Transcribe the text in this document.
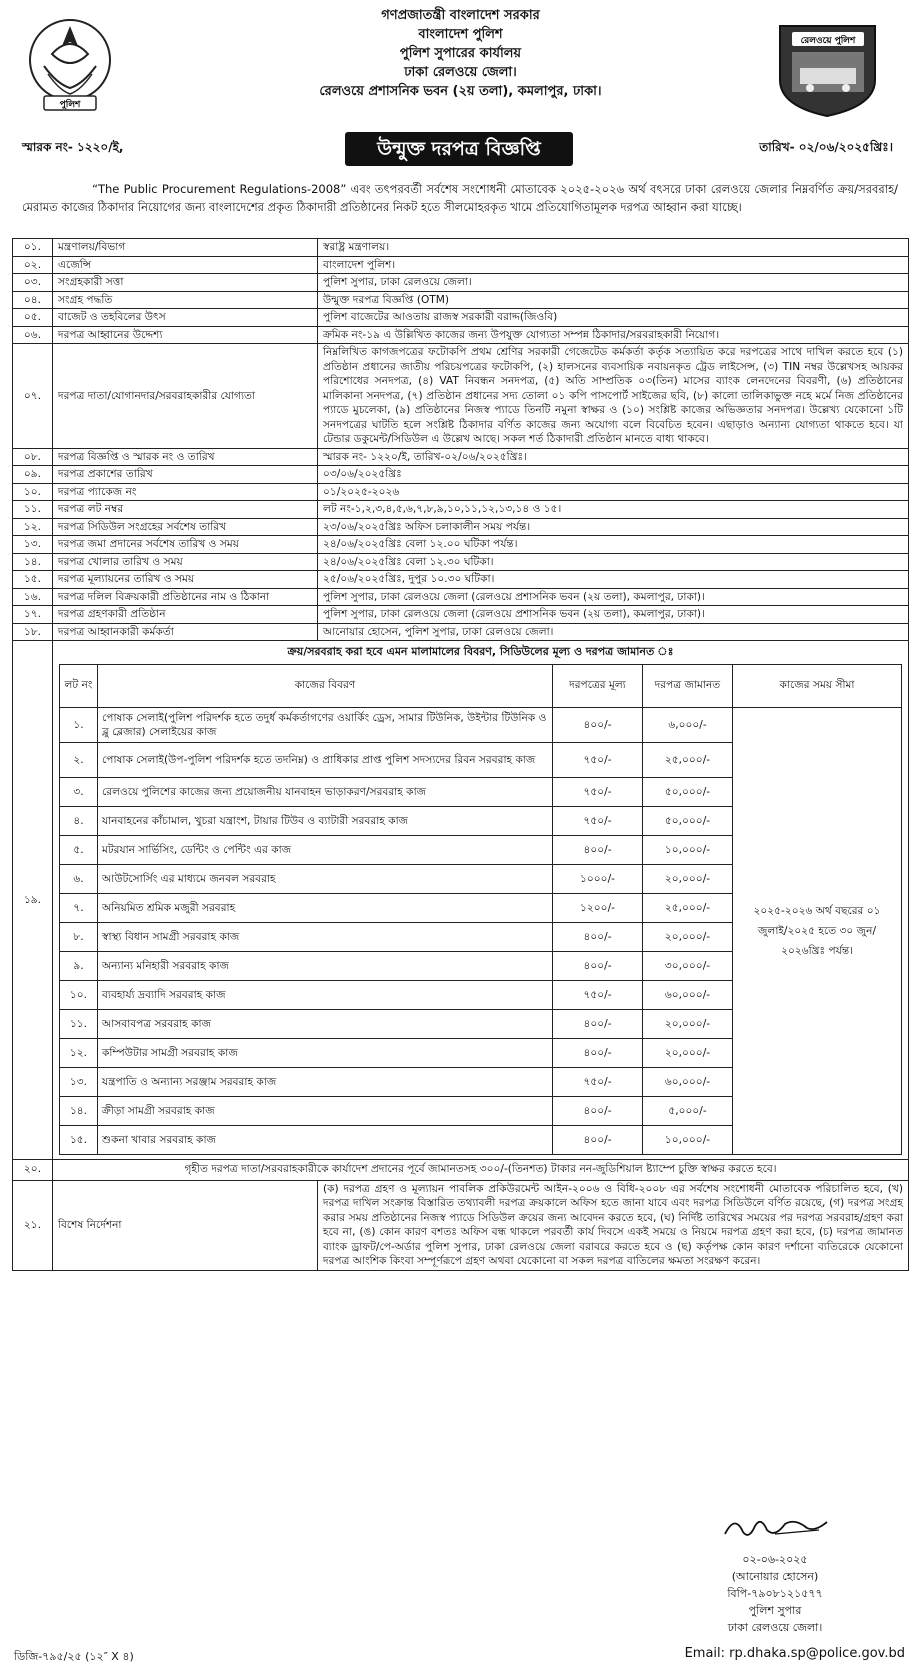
পুলিশ
গণপ্রজাতন্ত্রী বাংলাদেশ সরকার
বাংলাদেশ পুলিশ
পুলিশ সুপারের কার্যালয়
ঢাকা রেলওয়ে জেলা।
রেলওয়ে প্রশাসনিক ভবন (২য় তলা), কমলাপুর, ঢাকা।
রেলওয়ে পুলিশ
স্মারক নং- ১২২০/ই,	উন্মুক্ত দরপত্র বিজ্ঞপ্তি	তারিখ- ০২/০৬/২০২৫খ্রিঃ।
“The Public Procurement Regulations-2008” এবং তৎপরবর্তী সর্বশেষ সংশোধনী মোতাবেক ২০২৫-২০২৬ অর্থ বৎসরে ঢাকা রেলওয়ে জেলার নিম্নবর্ণিত ক্রয়/সরবরাহ/মেরামত কাজের ঠিকাদার নিয়োগের জন্য বাংলাদেশের প্রকৃত ঠিকাদারী প্রতিষ্ঠানের নিকট হতে সীলমোহরকৃত খামে প্রতিযোগিতামূলক দরপত্র আহ্বান করা যাচ্ছে।
০১.	মন্ত্রণালয়/বিভাগ	স্বরাষ্ট্র মন্ত্রণালয়।
০২.	এজেন্সি	বাংলাদেশ পুলিশ।
০৩.	সংগ্রহকারী সত্তা	পুলিশ সুপার, ঢাকা রেলওয়ে জেলা।
০৪.	সংগ্রহ পদ্ধতি	উন্মুক্ত দরপত্র বিজ্ঞপ্তি (OTM)
০৫.	বাজেট ও তহবিলের উৎস	পুলিশ বাজেটের আওতায় রাজস্ব সরকারী বরাদ্দ(জিওবি)
০৬.	দরপত্র আহ্বানের উদ্দেশ্য	ক্রমিক নং-১৯ এ উল্লিখিত কাজের জন্য উপযুক্ত যোগ্যতা সম্পন্ন ঠিকাদার/সরবরাহকারী নিয়োগ।
০৭.	দরপত্র দাতা/যোগানদার/সরবরাহকারীর যোগ্যতা	নিম্নলিখিত কাগজপত্রের ফটোকপি প্রথম শ্রেণির সরকারী গেজেটেড কর্মকর্তা কর্তৃক সত্যায়িত করে দরপত্রের সাথে দাখিল করতে হবে (১) প্রতিষ্ঠান প্রধানের জাতীয় পরিচয়পত্রের ফটোকপি, (২) হালসনের ব্যবসায়িক নবায়নকৃত ট্রেড লাইসেন্স, (৩) TIN নম্বর উল্লেখসহ আয়কর পরিশোধের সনদপত্র, (৪) VAT নিবন্ধন সনদপত্র, (৫) অতি সাম্প্রতিক ০৩(তিন) মাসের ব্যাংক লেনদেনের বিবরণী, (৬) প্রতিষ্ঠানের মালিকানা সনদপত্র, (৭) প্রতিষ্ঠান প্রধানের সদ্য তোলা ০১ কপি পাসপোর্ট সাইজের ছবি, (৮) কালো তালিকাভুক্ত নহে মর্মে নিজ প্রতিষ্ঠানের প্যাডে মুচলেকা, (৯) প্রতিষ্ঠানের নিজস্ব প্যাডে তিনটি নমুনা স্বাক্ষর ও (১০) সংশ্লিষ্ট কাজের অভিজ্ঞতার সনদপত্র। উল্লেখ্য যেকোনো ১টি সনদপত্রের ঘাটতি হলে সংশ্লিষ্ট ঠিকাদার বর্ণিত কাজের জন্য অযোগ্য বলে বিবেচিত হবেন। এছাড়াও অন্যান্য যোগ্যতা থাকতে হবে। যা টেন্ডার ডকুমেন্ট/সিডিউল এ উল্লেখ আছে। সকল শর্ত ঠিকাদারী প্রতিষ্ঠান মানতে বাধ্য থাকবে।
০৮.	দরপত্র বিজ্ঞপ্তি ও স্মারক নং ও তারিখ	স্মারক নং- ১২২০/ই, তারিখ-০২/০৬/২০২৫খ্রিঃ।
০৯.	দরপত্র প্রকাশের তারিখ	০৩/০৬/২০২৫খ্রিঃ
১০.	দরপত্র প্যাকেজ নং	০১/২০২৫-২০২৬
১১.	দরপত্র লট নম্বর	লট নং-১,২,৩,৪,৫,৬,৭,৮,৯,১০,১১,১২,১৩,১৪ ও ১৫।
১২.	দরপত্র সিডিউল সংগ্রহের সর্বশেষ তারিখ	২৩/০৬/২০২৫খ্রিঃ অফিস চলাকালীন সময় পর্যন্ত।
১৩.	দরপত্র জমা প্রদানের সর্বশেষ তারিখ ও সময়	২৪/০৬/২০২৫খ্রিঃ বেলা ১২.০০ ঘটিকা পর্যন্ত।
১৪.	দরপত্র খোলার তারিখ ও সময়	২৪/০৬/২০২৫খ্রিঃ বেলা ১২.৩০ ঘটিকা।
১৫.	দরপত্র মূল্যায়নের তারিখ ও সময়	২৫/০৬/২০২৫খ্রিঃ, দুপুর ১০.৩০ ঘটিকা।
১৬.	দরপত্র দলিল বিক্রয়কারী প্রতিষ্ঠানের নাম ও ঠিকানা	পুলিশ সুপার, ঢাকা রেলওয়ে জেলা (রেলওয়ে প্রশাসনিক ভবন (২য় তলা), কমলাপুর, ঢাকা)।
১৭.	দরপত্র গ্রহণকারী প্রতিষ্ঠান	পুলিশ সুপার, ঢাকা রেলওয়ে জেলা (রেলওয়ে প্রশাসনিক ভবন (২য় তলা), কমলাপুর, ঢাকা)।
১৮.	দরপত্র আহ্বানকারী কর্মকর্তা	আনোয়ার হোসেন, পুলিশ সুপার, ঢাকা রেলওয়ে জেলা।
১৯.	
ক্রয়/সরবরাহ করা হবে এমন মালামালের বিবরণ, সিডিউলের মূল্য ও দরপত্র জামানত ঃ
লট নং	কাজের বিবরণ	দরপত্রের মূল্য	দরপত্র জামানত	কাজের সময় সীমা
১.	পোষাক সেলাই(পুলিশ পরিদর্শক হতে তদুর্ধ কর্মকর্তাগণের ওয়ার্কিং ড্রেস, সামার টিউনিক, উইন্টার টিউনিক ও ব্লু ব্লেজার) সেলাইয়ের কাজ	৪০০/-	৬,০০০/-	২০২৫-২০২৬ অর্থ বছরের ০১ জুলাই/২০২৫ হতে ৩০ জুন/২০২৬খ্রিঃ পর্যন্ত।
২.	পোষাক সেলাই(উপ-পুলিশ পরিদর্শক হতে তদনিম্ন) ও প্রাধিকার প্রাপ্ত পুলিশ সদস্যদের রিবন সরবরাহ কাজ	৭৫০/-	২৫,০০০/-
৩.	রেলওয়ে পুলিশের কাজের জন্য প্রয়োজনীয় যানবাহন ভাড়াকরণ/সরবরাহ কাজ	৭৫০/-	৫০,০০০/-
৪.	যানবাহনের কাঁচামাল, খুচরা যন্ত্রাংশ, টায়ার টিউব ও ব্যাটারী সরবরাহ কাজ	৭৫০/-	৫০,০০০/-
৫.	মটরযান সার্ভিসিং, ডেন্টিং ও পেন্টিং এর কাজ	৪০০/-	১০,০০০/-
৬.	আউটসোর্সিং এর মাধ্যমে জনবল সরবরাহ	১০০০/-	২০,০০০/-
৭.	অনিয়মিত শ্রমিক মজুরী সরবরাহ	১২০০/-	২৫,০০০/-
৮.	স্বাস্থ্য বিধান সামগ্রী সরবরাহ কাজ	৪০০/-	২০,০০০/-
৯.	অন্যান্য মনিহারী সরবরাহ কাজ	৪০০/-	৩০,০০০/-
১০.	ব্যবহার্য্য দ্রব্যাদি সরবরাহ কাজ	৭৫০/-	৬০,০০০/-
১১.	আসবাবপত্র সরবরাহ কাজ	৪০০/-	২০,০০০/-
১২.	কম্পিউটার সামগ্রী সরবরাহ কাজ	৪০০/-	২০,০০০/-
১৩.	যন্ত্রপাতি ও অন্যান্য সরঞ্জাম সরবরাহ কাজ	৭৫০/-	৬০,০০০/-
১৪.	ক্রীড়া সামগ্রী সরবরাহ কাজ	৪০০/-	৫,০০০/-
১৫.	শুকনা খাবার সরবরাহ কাজ	৪০০/-	১০,০০০/-

২০.	গৃহীত দরপত্র দাতা/সরবরাহকারীকে কার্যাদেশ প্রদানের পূর্বে জামানতসহ ৩০০/-(তিনশত) টাকার নন-জুডিশিয়াল ষ্ট্যাম্পে চুক্তি স্বাক্ষর করতে হবে।
২১.	বিশেষ নির্দেশনা	(ক) দরপত্র গ্রহণ ও মূল্যায়ন পাবলিক প্রকিউরমেন্ট আইন-২০০৬ ও বিধি-২০০৮ এর সর্বশেষ সংশোধনী মোতাবেক পরিচালিত হবে, (খ) দরপত্র দাখিল সংক্রান্ত বিস্তারিত তথ্যাবলী দরপত্র ক্রয়কালে অফিস হতে জানা যাবে এবং দরপত্র সিডিউলে বর্ণিত রয়েছে, (গ) দরপত্র সংগ্রহ করার সময় প্রতিষ্ঠানের নিজস্ব প্যাডে সিডিউল ক্রয়ের জন্য আবেদন করতে হবে, (ঘ) নির্দিষ্ট তারিখের সময়ের পর দরপত্র সরবরাহ/গ্রহণ করা হবে না, (ঙ) কোন কারণ বশতঃ অফিস বন্ধ থাকলে পরবর্তী কার্য দিবসে একই সময়ে ও নিয়মে দরপত্র গ্রহণ করা হবে, (চ) দরপত্র জামানত ব্যাংক ড্রাফট/পে-অর্ডার পুলিশ সুপার, ঢাকা রেলওয়ে জেলা বরাবরে করতে হবে ও (ছ) কর্তৃপক্ষ কোন কারণ দর্শানো ব্যতিরেকে যেকোনো দরপত্র আংশিক কিংবা সম্পূর্ণরূপে গ্রহণ অথবা যেকোনো বা সকল দরপত্র বাতিলের ক্ষমতা সংরক্ষণ করেন।
০২-০৬-২০২৫
(আনোয়ার হোসেন)
বিপি-৭৯০৮১২১৫৭৭
পুলিশ সুপার
ঢাকা রেলওয়ে জেলা।
ডিজি-৭৯৫/২৫ (১২″ X ৪)	Email: rp.dhaka.sp@police.gov.bd
